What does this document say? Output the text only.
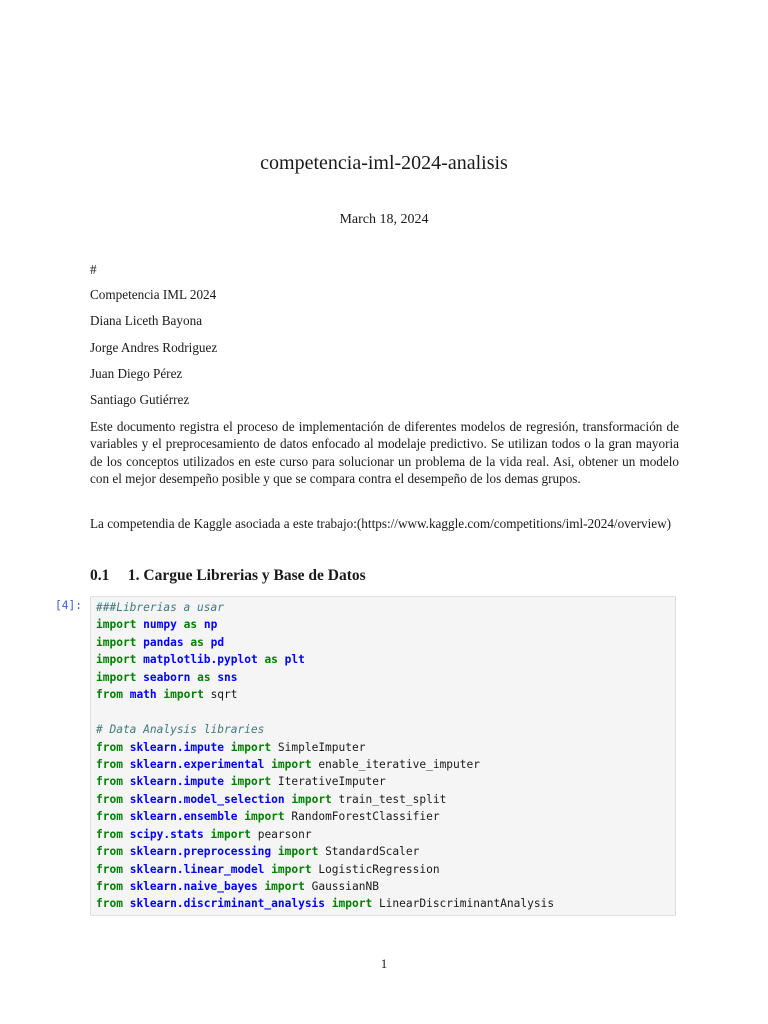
competencia-iml-2024-analisis
March 18, 2024
#
Competencia IML 2024
Diana Liceth Bayona
Jorge Andres Rodriguez
Juan Diego Pérez
Santiago Gutiérrez
Este documento registra el proceso de implementación de diferentes modelos de regresión, transformación de variables y el preprocesamiento de datos enfocado al modelaje predictivo. Se utilizan todos o la gran mayoria de los conceptos utilizados en este curso para solucionar un problema de la vida real. Asi, obtener un modelo con el mejor desempeño posible y que se compara contra el desempeño de los demas grupos.
La competendia de Kaggle asociada a este trabajo:(https://www.kaggle.com/competitions/iml-2024/overview)
0.1 1. Cargue Librerias y Base de Datos
[4]:	###Librerias a usar
import numpy as np
import pandas as pd
import matplotlib.pyplot as plt
import seaborn as sns
from math import sqrt
# Data Analysis libraries
from sklearn.impute import SimpleImputer
from sklearn.experimental import enable_iterative_imputer
from sklearn.impute import IterativeImputer
from sklearn.model_selection import train_test_split
from sklearn.ensemble import RandomForestClassifier
from scipy.stats import pearsonr
from sklearn.preprocessing import StandardScaler
from sklearn.linear_model import LogisticRegression
from sklearn.naive_bayes import GaussianNB
from sklearn.discriminant_analysis import LinearDiscriminantAnalysis
1
